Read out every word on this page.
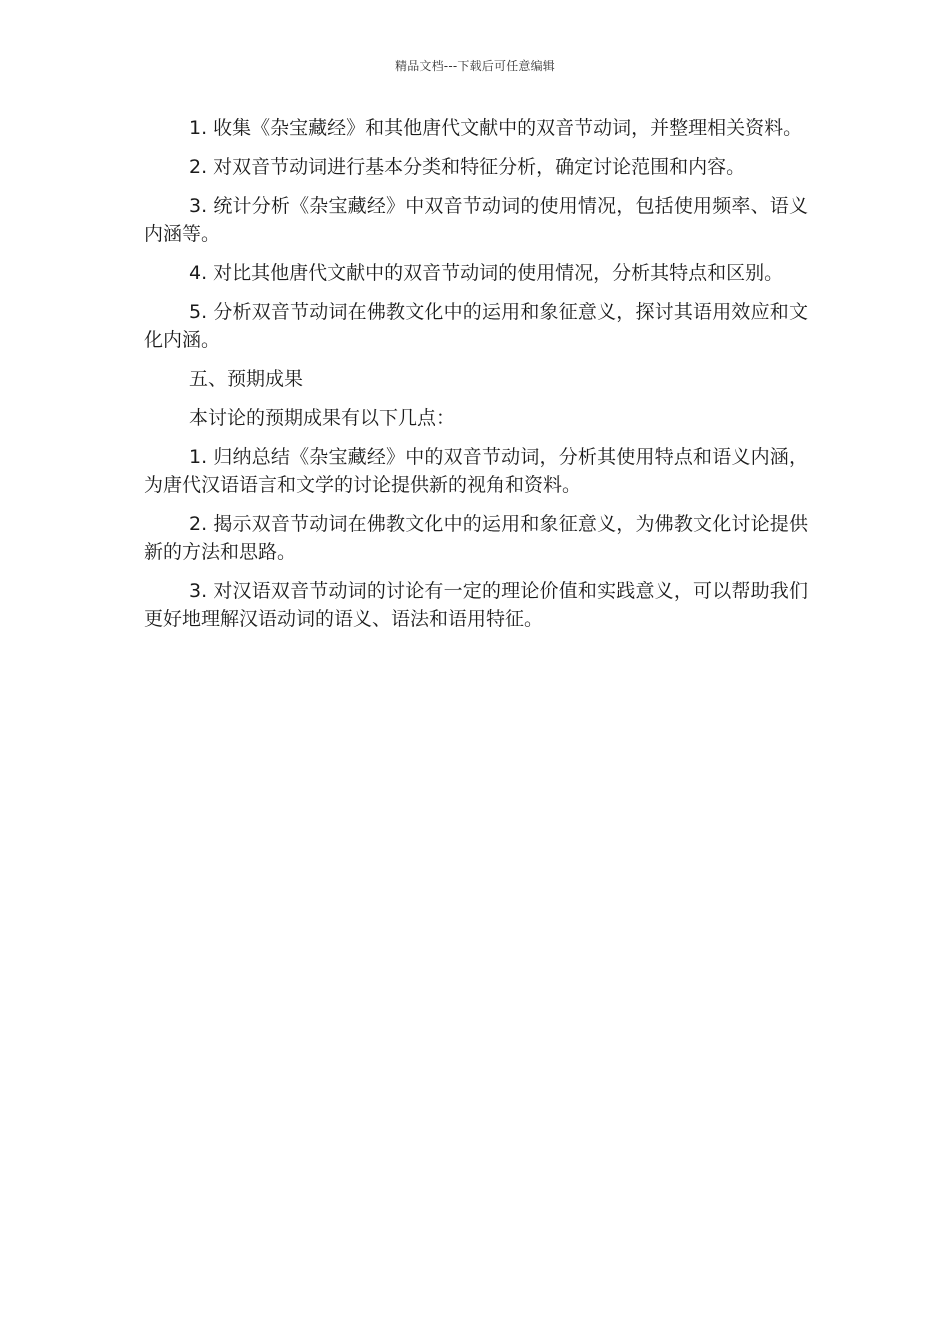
精品文档---下载后可任意编辑

1. 收集《杂宝藏经》和其他唐代文献中的双音节动词，并整理相关资料。

2. 对双音节动词进行基本分类和特征分析，确定讨论范围和内容。

3. 统计分析《杂宝藏经》中双音节动词的使用情况，包括使用频率、语义内涵等。

4. 对比其他唐代文献中的双音节动词的使用情况，分析其特点和区别。

5. 分析双音节动词在佛教文化中的运用和象征意义，探讨其语用效应和文化内涵。

五、预期成果

本讨论的预期成果有以下几点：

1. 归纳总结《杂宝藏经》中的双音节动词，分析其使用特点和语义内涵，为唐代汉语语言和文学的讨论提供新的视角和资料。

2. 揭示双音节动词在佛教文化中的运用和象征意义，为佛教文化讨论提供新的方法和思路。

3. 对汉语双音节动词的讨论有一定的理论价值和实践意义，可以帮助我们更好地理解汉语动词的语义、语法和语用特征。
